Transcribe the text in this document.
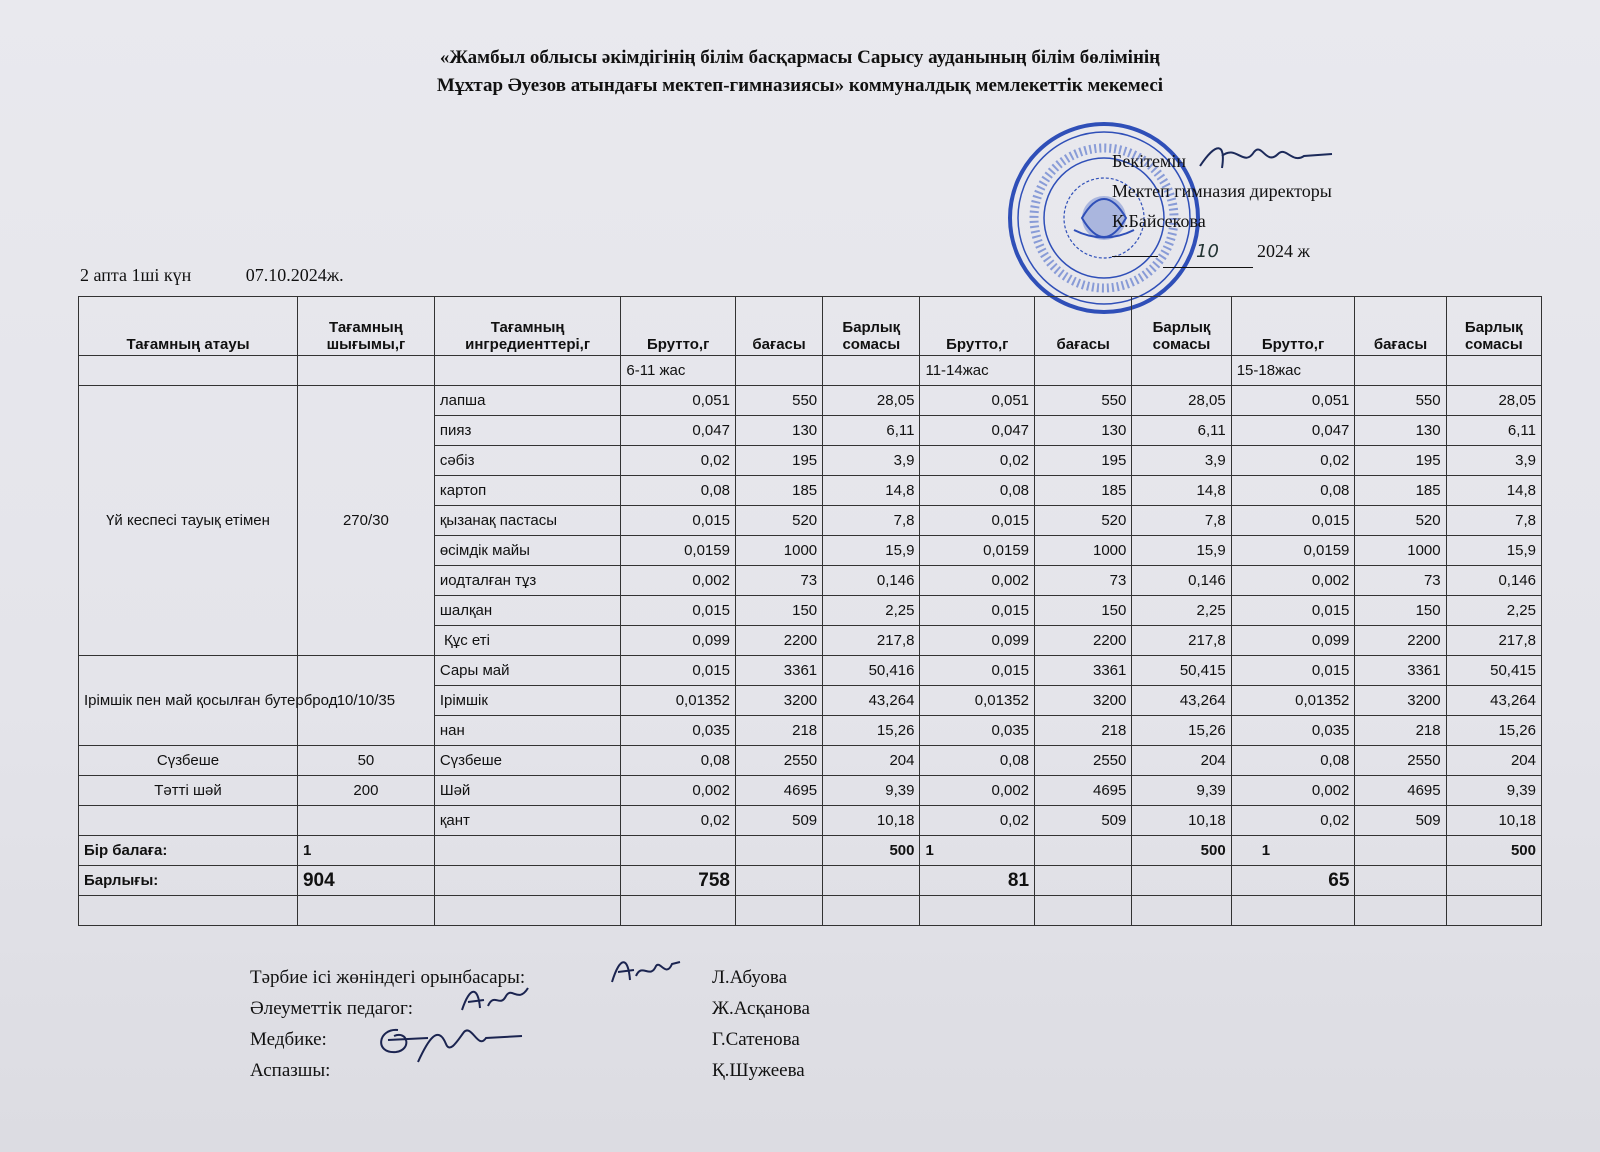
«Жамбыл облысы әкімдігінің білім басқармасы Сарысу ауданының білім бөлімінің
Мұхтар Әуезов атындағы мектеп-гимназиясы» коммуналдық мемлекеттік мекемесі
Бекітемін
Мектеп гимназия директоры
К.Байсекова
10 2024 ж
2 апта 1ші күн	07.10.2024ж.
Тағамның атауы	Тағамның шығымы,г	Тағамның ингредиенттері,г	Брутто,г	бағасы	Барлық сомасы	Брутто,г	бағасы	Барлық сомасы	Брутто,г	бағасы	Барлық сомасы
			6-11 жас			11-14жас			15-18жас		
Үй кеспесі тауық етімен	270/30	лапша	0,051	550	28,05	0,051	550	28,05	0,051	550	28,05
		пияз	0,047	130	6,11	0,047	130	6,11	0,047	130	6,11
		сәбіз	0,02	195	3,9	0,02	195	3,9	0,02	195	3,9
		картоп	0,08	185	14,8	0,08	185	14,8	0,08	185	14,8
		қызанақ пастасы	0,015	520	7,8	0,015	520	7,8	0,015	520	7,8
		өсімдік майы	0,0159	1000	15,9	0,0159	1000	15,9	0,0159	1000	15,9
		иодталған тұз	0,002	73	0,146	0,002	73	0,146	0,002	73	0,146
		шалқан	0,015	150	2,25	0,015	150	2,25	0,015	150	2,25
		Құс еті	0,099	2200	217,8	0,099	2200	217,8	0,099	2200	217,8
Ірімшік пен май қосылған бутерброд	10/10/35	Сары май	0,015	3361	50,416	0,015	3361	50,415	0,015	3361	50,415
		Ірімшік	0,01352	3200	43,264	0,01352	3200	43,264	0,01352	3200	43,264
		нан	0,035	218	15,26	0,035	218	15,26	0,035	218	15,26
Сүзбеше	50	Сүзбеше	0,08	2550	204	0,08	2550	204	0,08	2550	204
Тәтті шәй	200	Шәй	0,002	4695	9,39	0,002	4695	9,39	0,002	4695	9,39
		қант	0,02	509	10,18	0,02	509	10,18	0,02	509	10,18
Бір балаға:	1				500	1		500	1		500
Барлығы:	904		758			81			65		

Тәрбие ісі жөніндегі орынбасары:	Л.Абуова
Әлеуметтік педагог:	Ж.Асқанова
Медбике:	Г.Сатенова
Аспазшы:	Қ.Шужеева
